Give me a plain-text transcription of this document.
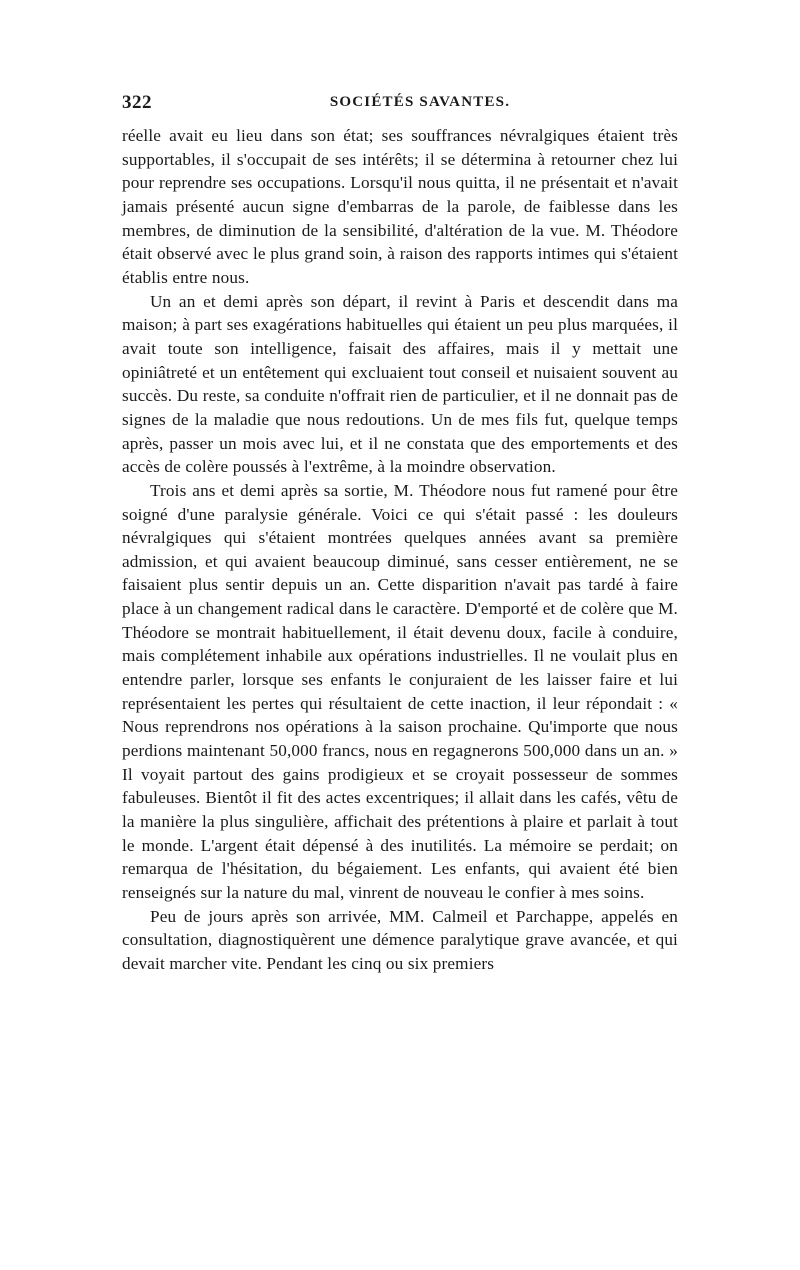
322	SOCIÉTÉS SAVANTES.

réelle avait eu lieu dans son état; ses souffrances névralgiques étaient très supportables, il s'occupait de ses intérêts; il se détermina à retourner chez lui pour reprendre ses occupations. Lorsqu'il nous quitta, il ne présentait et n'avait jamais présenté aucun signe d'embarras de la parole, de faiblesse dans les membres, de diminution de la sensibilité, d'altération de la vue. M. Théodore était observé avec le plus grand soin, à raison des rapports intimes qui s'étaient établis entre nous.

Un an et demi après son départ, il revint à Paris et descendit dans ma maison; à part ses exagérations habituelles qui étaient un peu plus marquées, il avait toute son intelligence, faisait des affaires, mais il y mettait une opiniâtreté et un entêtement qui excluaient tout conseil et nuisaient souvent au succès. Du reste, sa conduite n'offrait rien de particulier, et il ne donnait pas de signes de la maladie que nous redoutions. Un de mes fils fut, quelque temps après, passer un mois avec lui, et il ne constata que des emportements et des accès de colère poussés à l'extrême, à la moindre observation.

Trois ans et demi après sa sortie, M. Théodore nous fut ramené pour être soigné d'une paralysie générale. Voici ce qui s'était passé : les douleurs névralgiques qui s'étaient montrées quelques années avant sa première admission, et qui avaient beaucoup diminué, sans cesser entièrement, ne se faisaient plus sentir depuis un an. Cette disparition n'avait pas tardé à faire place à un changement radical dans le caractère. D'emporté et de colère que M. Théodore se montrait habituellement, il était devenu doux, facile à conduire, mais complétement inhabile aux opérations industrielles. Il ne voulait plus en entendre parler, lorsque ses enfants le conjuraient de les laisser faire et lui représentaient les pertes qui résultaient de cette inaction, il leur répondait : « Nous reprendrons nos opérations à la saison prochaine. Qu'importe que nous perdions maintenant 50,000 francs, nous en regagnerons 500,000 dans un an. » Il voyait partout des gains prodigieux et se croyait possesseur de sommes fabuleuses. Bientôt il fit des actes excentriques; il allait dans les cafés, vêtu de la manière la plus singulière, affichait des prétentions à plaire et parlait à tout le monde. L'argent était dépensé à des inutilités. La mémoire se perdait; on remarqua de l'hésitation, du bégaiement. Les enfants, qui avaient été bien renseignés sur la nature du mal, vinrent de nouveau le confier à mes soins.

Peu de jours après son arrivée, MM. Calmeil et Parchappe, appelés en consultation, diagnostiquèrent une démence paralytique grave avancée, et qui devait marcher vite. Pendant les cinq ou six premiers
